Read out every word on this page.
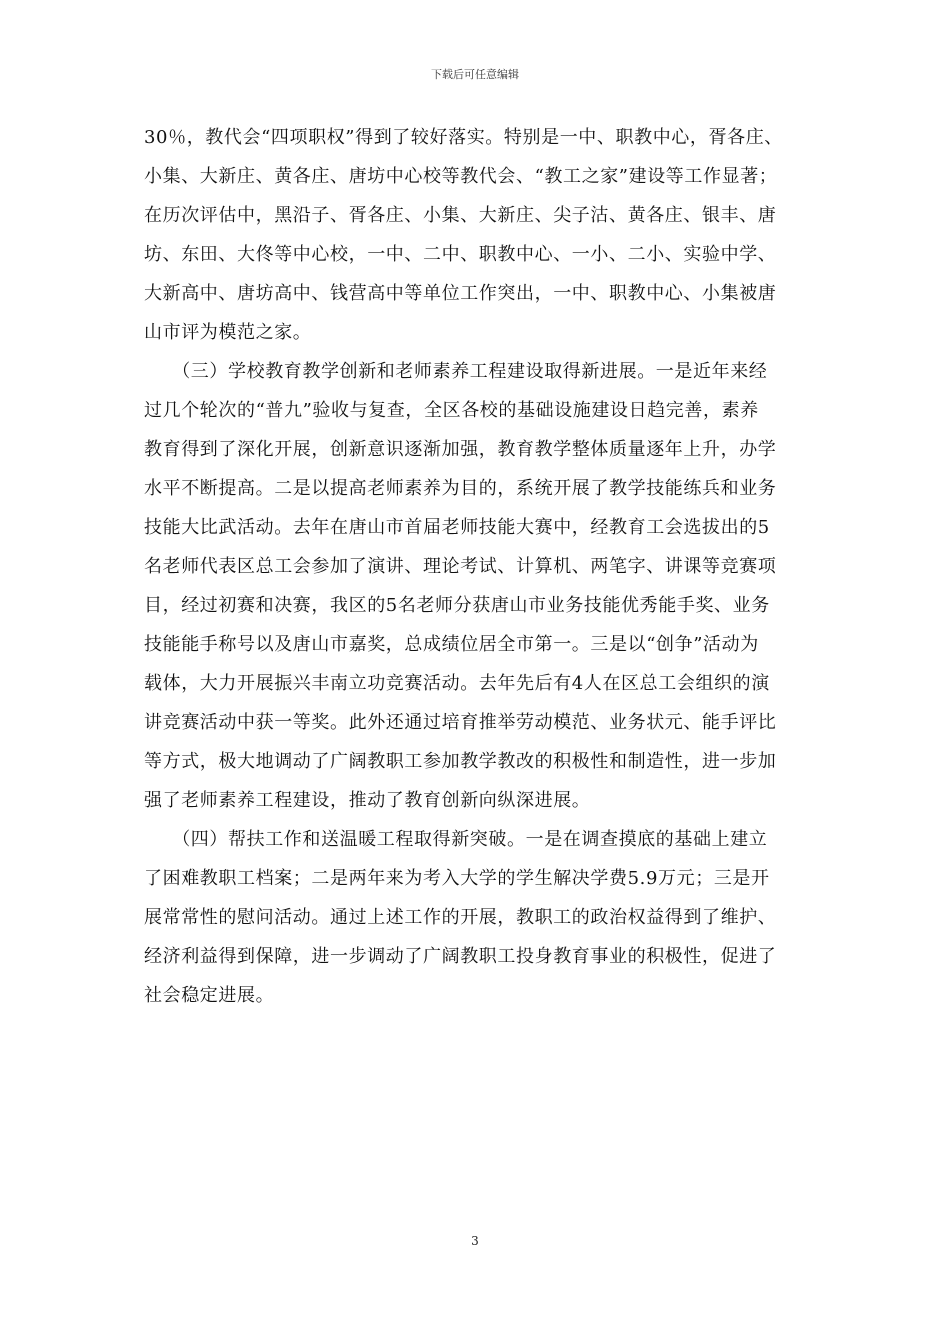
下载后可任意编辑
30％，教代会“四项职权”得到了较好落实。特别是一中、职教中心，胥各庄、
小集、大新庄、黄各庄、唐坊中心校等教代会、“教工之家”建设等工作显著；
在历次评估中，黑沿子、胥各庄、小集、大新庄、尖子沽、黄各庄、银丰、唐
坊、东田、大佟等中心校，一中、二中、职教中心、一小、二小、实验中学、
大新高中、唐坊高中、钱营高中等单位工作突出，一中、职教中心、小集被唐
山市评为模范之家。
　　（三）学校教育教学创新和老师素养工程建设取得新进展。一是近年来经
过几个轮次的“普九”验收与复查，全区各校的基础设施建设日趋完善，素养
教育得到了深化开展，创新意识逐渐加强，教育教学整体质量逐年上升，办学
水平不断提高。二是以提高老师素养为目的，系统开展了教学技能练兵和业务
技能大比武活动。去年在唐山市首届老师技能大赛中，经教育工会选拔出的5
名老师代表区总工会参加了演讲、理论考试、计算机、两笔字、讲课等竞赛项
目，经过初赛和决赛，我区的5名老师分获唐山市业务技能优秀能手奖、业务
技能能手称号以及唐山市嘉奖，总成绩位居全市第一。三是以“创争”活动为
载体，大力开展振兴丰南立功竞赛活动。去年先后有4人在区总工会组织的演
讲竞赛活动中获一等奖。此外还通过培育推举劳动模范、业务状元、能手评比
等方式，极大地调动了广阔教职工参加教学教改的积极性和制造性，进一步加
强了老师素养工程建设，推动了教育创新向纵深进展。
　　（四）帮扶工作和送温暖工程取得新突破。一是在调查摸底的基础上建立
了困难教职工档案；二是两年来为考入大学的学生解决学费5.9万元；三是开
展常常性的慰问活动。通过上述工作的开展，教职工的政治权益得到了维护、
经济利益得到保障，进一步调动了广阔教职工投身教育事业的积极性，促进了
社会稳定进展。
3
